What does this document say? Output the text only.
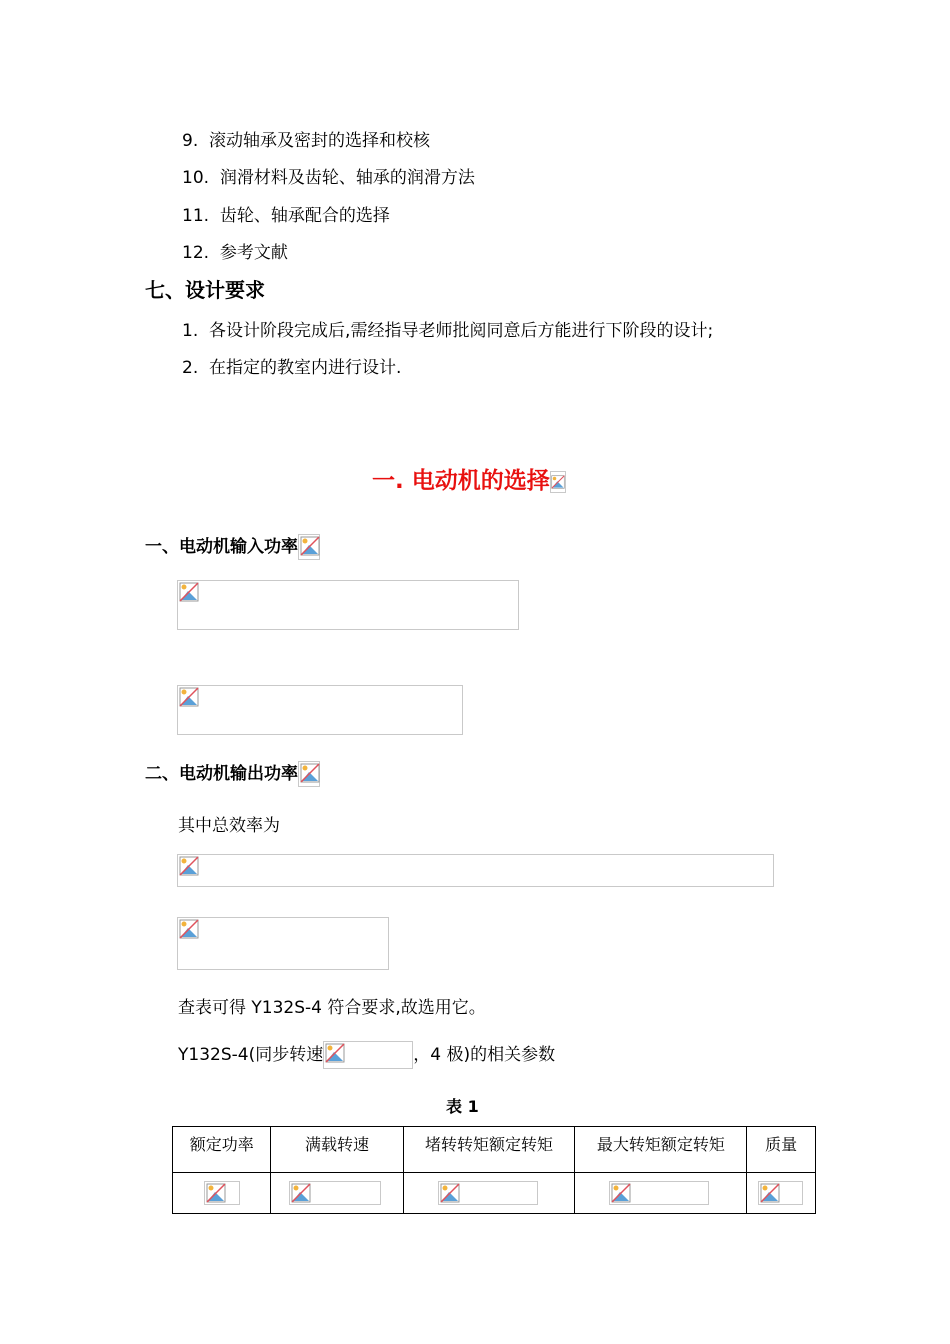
9. 滚动轴承及密封的选择和校核
10. 润滑材料及齿轮、轴承的润滑方法
11. 齿轮、轴承配合的选择
12. 参考文献
七、设计要求
1. 各设计阶段完成后,需经指导老师批阅同意后方能进行下阶段的设计;
2. 在指定的教室内进行设计.
一. 电动机的选择
一、电动机输入功率
二、电动机输出功率
其中总效率为
查表可得 Y132S-4 符合要求,故选用它。
Y132S-4(同步转速	，4 极)的相关参数
表 1
额定功率	满载转速	堵转转矩额定转矩	最大转矩额定转矩	质量
